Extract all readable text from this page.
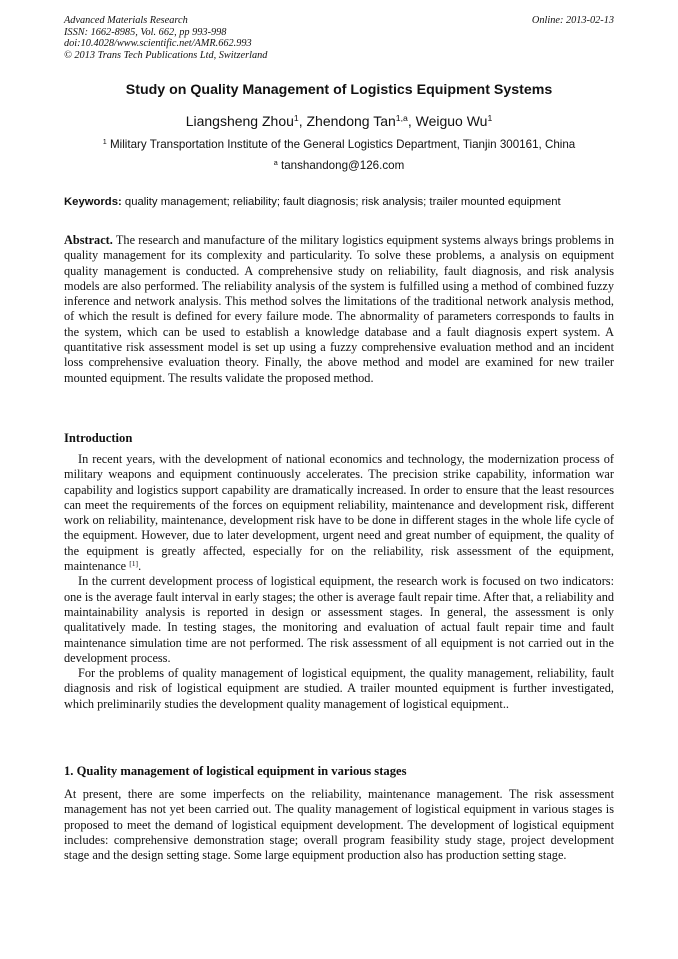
Advanced Materials Research
ISSN: 1662-8985, Vol. 662, pp 993-998
doi:10.4028/www.scientific.net/AMR.662.993
© 2013 Trans Tech Publications Ltd, Switzerland
Online: 2013-02-13
Study on Quality Management of Logistics Equipment Systems
Liangsheng Zhou$^1$, Zhendong Tan$^{1,a}$, Weiguo Wu$^1$
$^1$ Military Transportation Institute of the General Logistics Department, Tianjin 300161, China
$^a$ tanshandong@126.com
Keywords: quality management; reliability; fault diagnosis; risk analysis; trailer mounted equipment

Abstract. The research and manufacture of the military logistics equipment systems always brings problems in quality management for its complexity and particularity. To solve these problems, a analysis on equipment quality management is conducted. A comprehensive study on reliability, fault diagnosis, and risk analysis models are also performed. The reliability analysis of the system is fulfilled using a method of combined fuzzy inference and network analysis. This method solves the limitations of the traditional network analysis method, of which the result is defined for every failure mode. The abnormality of parameters corresponds to faults in the system, which can be used to establish a knowledge database and a fault diagnosis expert system. A quantitative risk assessment model is set up using a fuzzy comprehensive evaluation method and an incident loss comprehensive evaluation theory. Finally, the above method and model are examined for new trailer mounted equipment. The results validate the proposed method.

Introduction

In recent years, with the development of national economics and technology, the modernization process of military weapons and equipment continuously accelerates. The precision strike capability, information war capability and logistics support capability are dramatically increased. In order to ensure that the least resources can meet the requirements of the forces on equipment reliability, maintenance and development risk, different work on reliability, maintenance, development risk have to be done in different stages in the whole life cycle of the equipment. However, due to later development, urgent need and great number of equipment, the quality of the equipment is greatly affected, especially for on the reliability, risk assessment of the equipment, maintenance [1].

In the current development process of logistical equipment, the research work is focused on two indicators: one is the average fault interval in early stages; the other is average fault repair time. After that, a reliability and maintainability analysis is reported in design or assessment stages. In general, the assessment is only qualitatively made. In testing stages, the monitoring and evaluation of actual fault repair time and fault maintenance simulation time are not performed. The risk assessment of all equipment is not carried out in the development process.

For the problems of quality management of logistical equipment, the quality management, reliability, fault diagnosis and risk of logistical equipment are studied. A trailer mounted equipment is further investigated, which preliminarily studies the development quality management of logistical equipment..

1. Quality management of logistical equipment in various stages

At present, there are some imperfects on the reliability, maintenance management. The risk assessment management has not yet been carried out. The quality management of logistical equipment in various stages is proposed to meet the demand of logistical equipment development. The development of logistical equipment includes: comprehensive demonstration stage; overall program feasibility study stage, project development stage and the design setting stage. Some large equipment production also has production setting stage.
